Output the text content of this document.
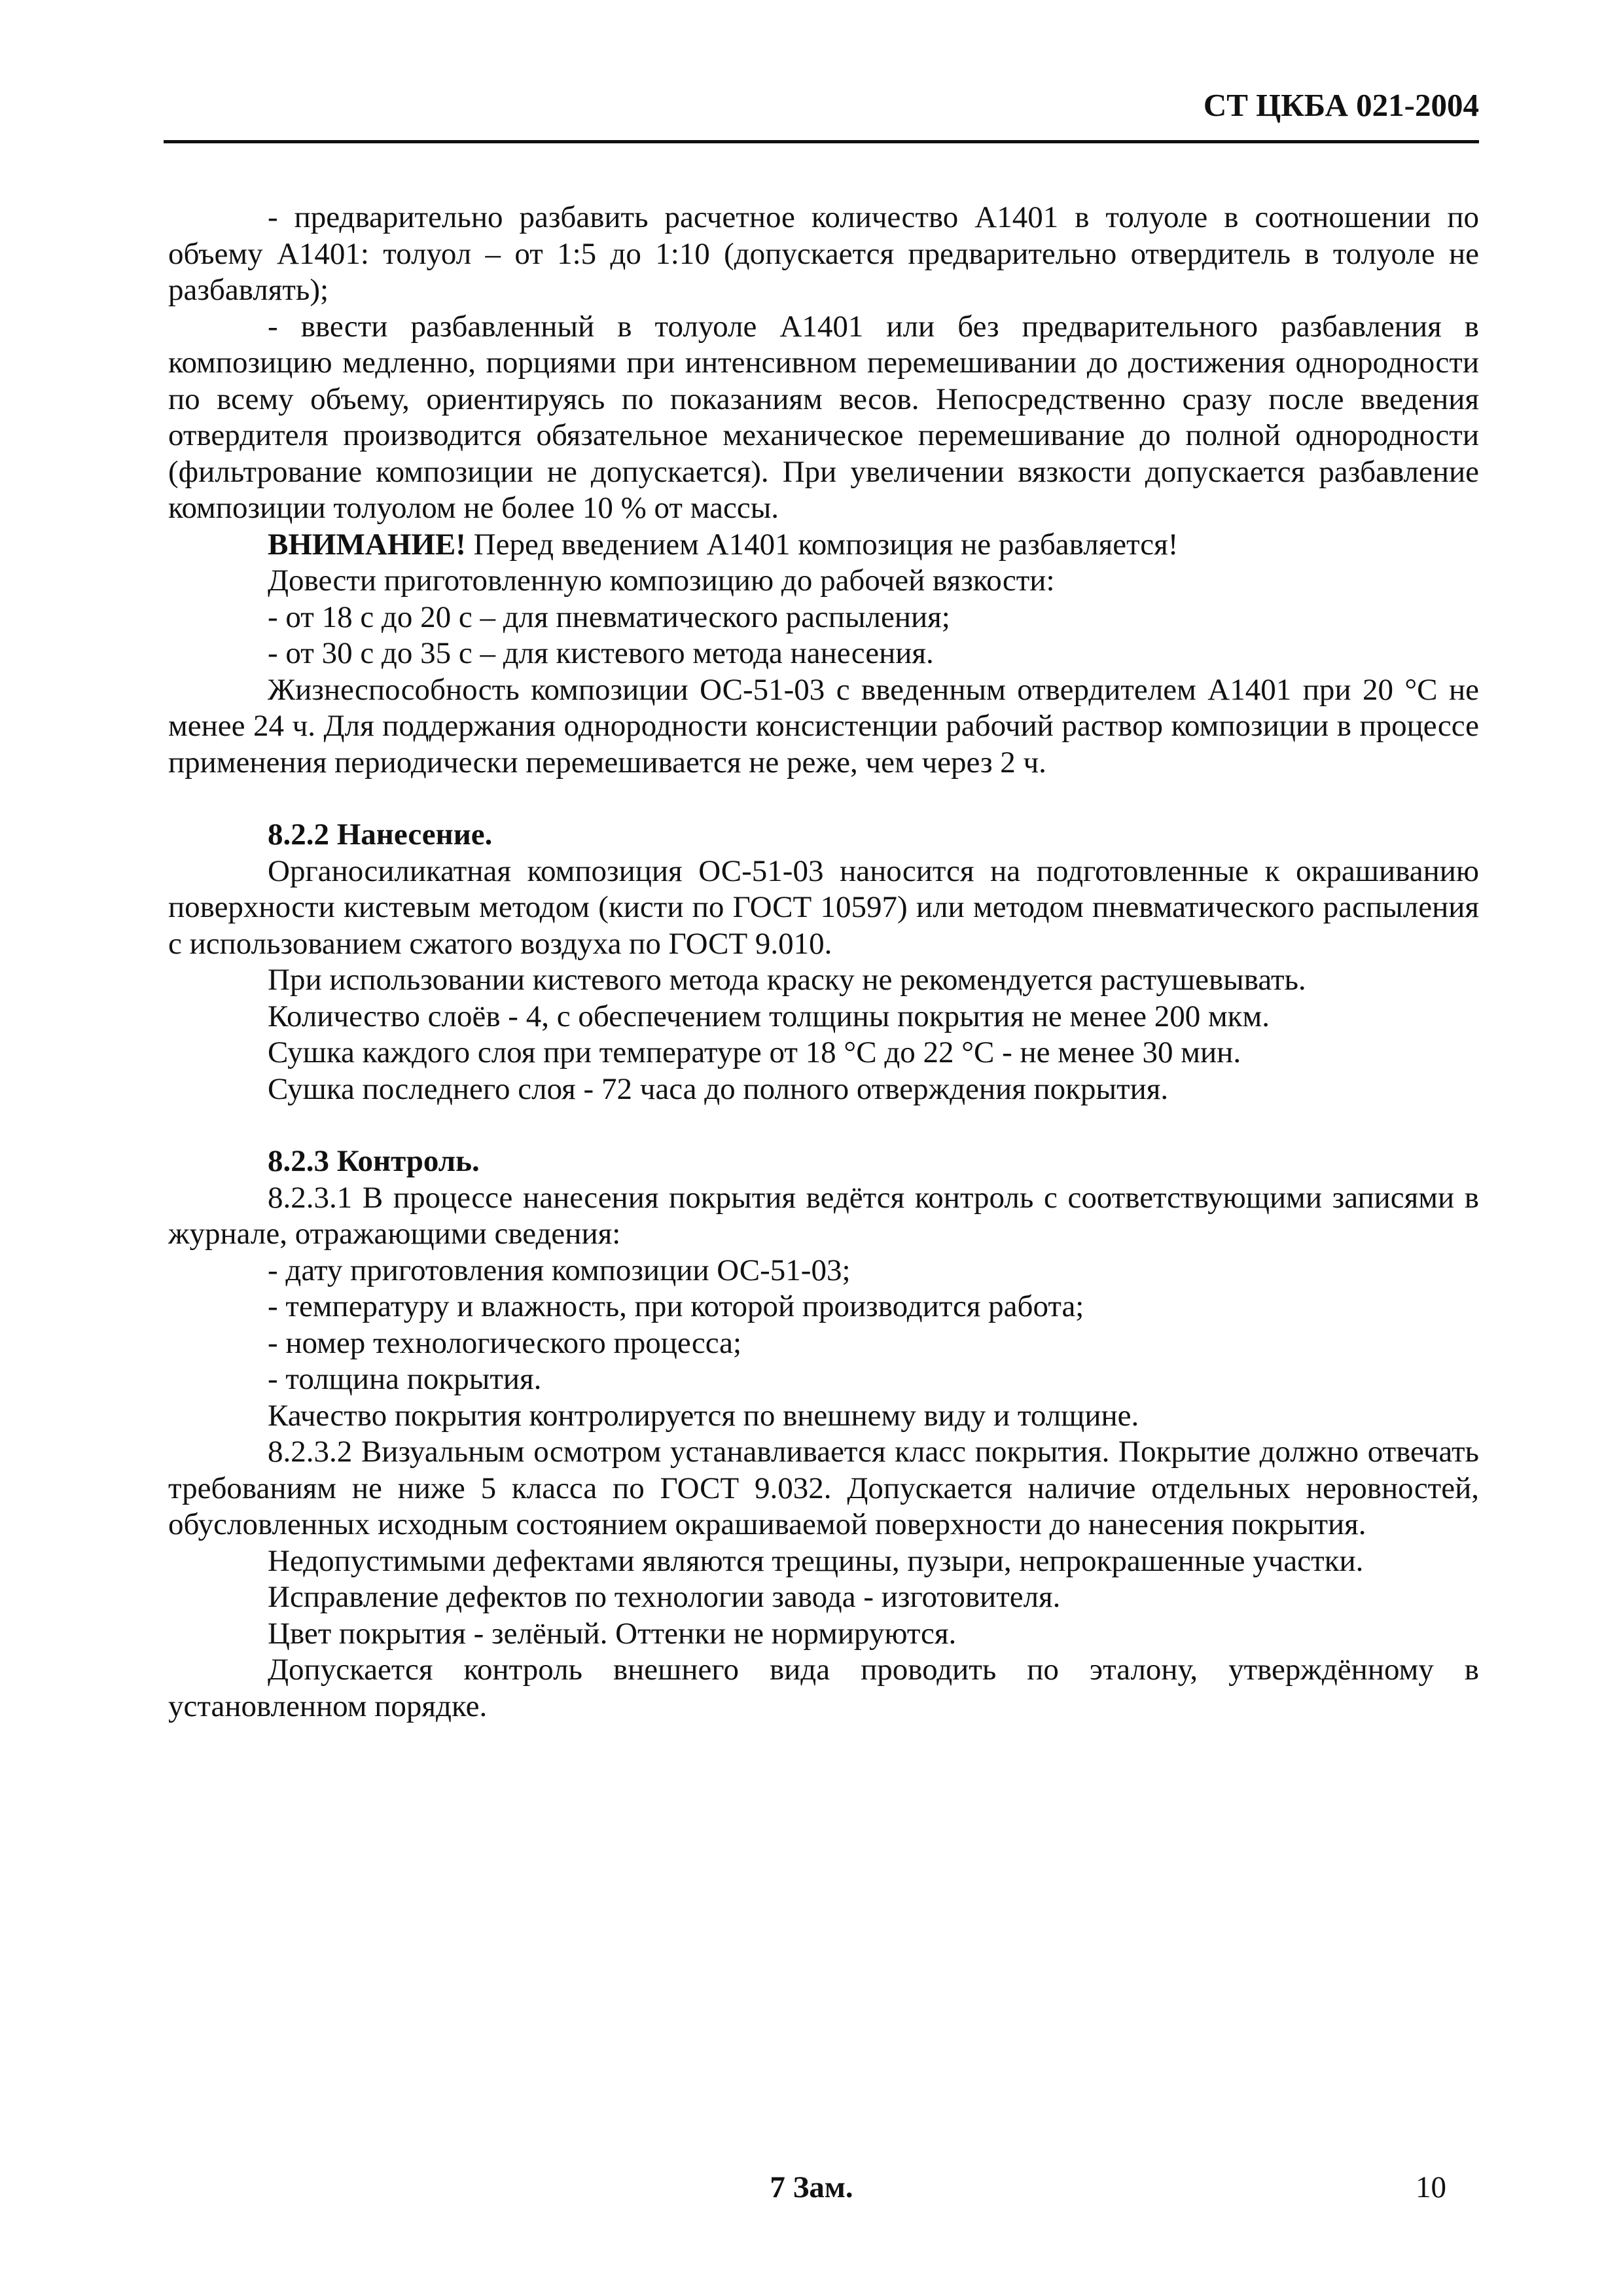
СТ ЦКБА 021-2004

- предварительно разбавить расчетное количество А1401 в толуоле в соотношении по объему А1401: толуол – от 1:5 до 1:10 (допускается предварительно отвердитель в толуоле не разбавлять);

- ввести разбавленный в толуоле А1401 или без предварительного разбавления в композицию медленно, порциями при интенсивном перемешивании до достижения однородности по всему объему, ориентируясь по показаниям весов. Непосредственно сразу после введения отвердителя производится обязательное механическое перемешивание до полной однородности (фильтрование композиции не допускается). При увеличении вязкости допускается разбавление композиции толуолом не более 10 % от массы.

ВНИМАНИЕ! Перед введением А1401 композиция не разбавляется!

Довести приготовленную композицию до рабочей вязкости:

- от 18 с до 20 с – для пневматического распыления;

- от 30 с до 35 с – для кистевого метода нанесения.

Жизнеспособность композиции ОС-51-03 с введенным отвердителем А1401 при 20 °С не менее 24 ч. Для поддержания однородности консистенции рабочий раствор композиции в процессе применения периодически перемешивается не реже, чем через 2 ч.

8.2.2 Нанесение.

Органосиликатная композиция ОС-51-03 наносится на подготовленные к окрашиванию поверхности кистевым методом (кисти по ГОСТ 10597) или методом пневматического распыления с использованием сжатого воздуха по ГОСТ 9.010.

При использовании кистевого метода краску не рекомендуется растушевывать.

Количество слоёв - 4, с обеспечением толщины покрытия не менее 200 мкм.

Сушка каждого слоя при температуре от 18 °С до 22 °С - не менее 30 мин.

Сушка последнего слоя - 72 часа до полного отверждения покрытия.

8.2.3 Контроль.

8.2.3.1 В процессе нанесения покрытия ведётся контроль с соответствующими записями в журнале, отражающими сведения:

- дату приготовления композиции ОС-51-03;

- температуру и влажность, при которой производится работа;

- номер технологического процесса;

- толщина покрытия.

Качество покрытия контролируется по внешнему виду и толщине.

8.2.3.2 Визуальным осмотром устанавливается класс покрытия. Покрытие должно отвечать требованиям не ниже 5 класса по ГОСТ 9.032. Допускается наличие отдельных неровностей, обусловленных исходным состоянием окрашиваемой поверхности до нанесения покрытия.

Недопустимыми дефектами являются трещины, пузыри, непрокрашенные участки.

Исправление дефектов по технологии завода - изготовителя.

Цвет покрытия - зелёный. Оттенки не нормируются.

Допускается контроль внешнего вида проводить по эталону, утверждённому в установленном порядке.

7 Зам.	10
